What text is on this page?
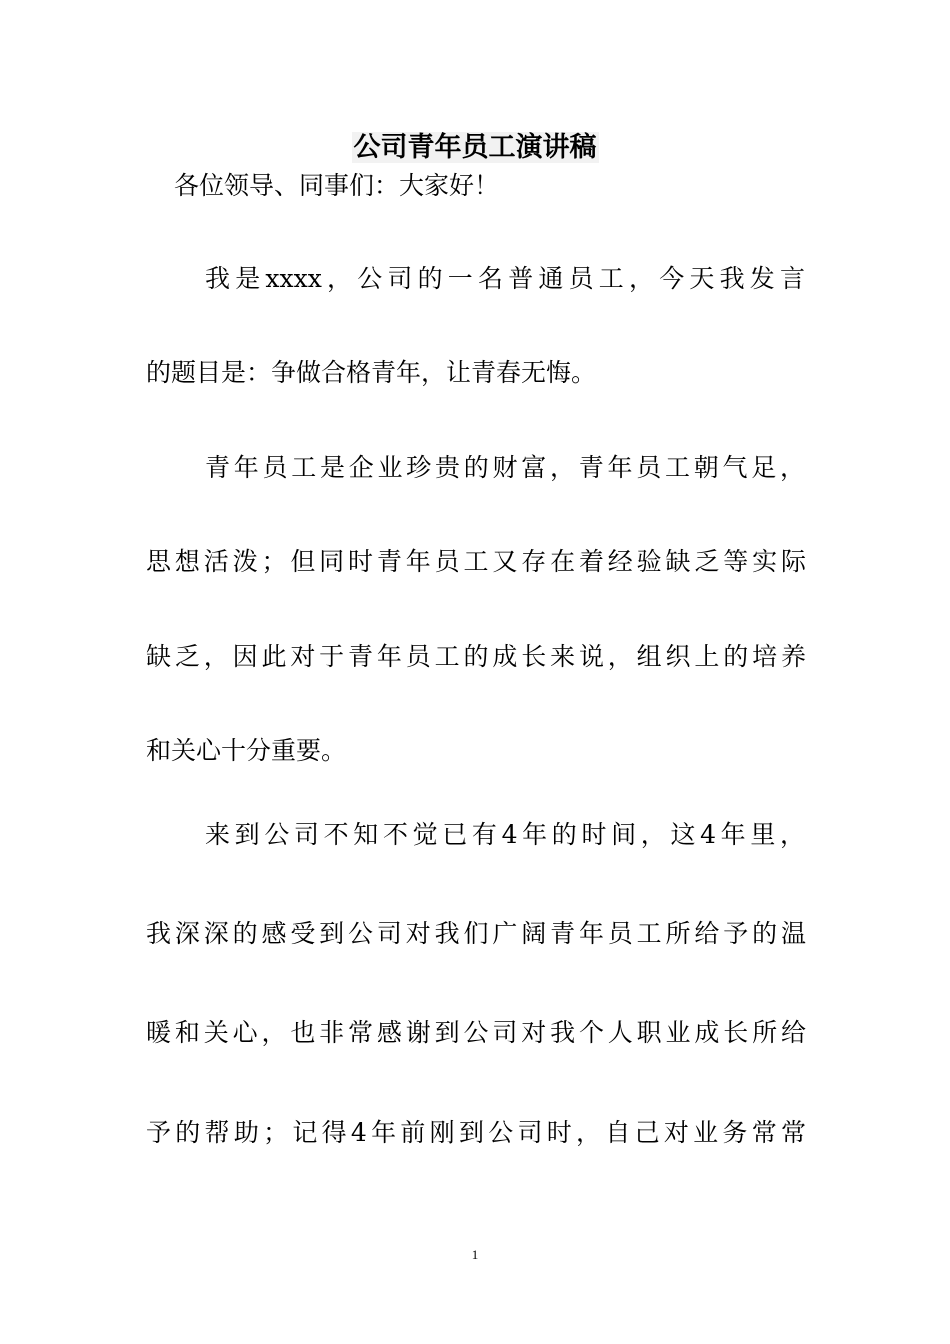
公司青年员工演讲稿

各位领导、同事们：大家好！

我是xxxx，公司的一名普通员工，今天我发言

的题目是：争做合格青年，让青春无悔。

青年员工是企业珍贵的财富，青年员工朝气足，

思想活泼；但同时青年员工又存在着经验缺乏等实际

缺乏，因此对于青年员工的成长来说，组织上的培养

和关心十分重要。

来到公司不知不觉已有4年的时间，这4年里，

我深深的感受到公司对我们广阔青年员工所给予的温

暖和关心，也非常感谢到公司对我个人职业成长所给

予的帮助；记得4年前刚到公司时，自己对业务常常

1
